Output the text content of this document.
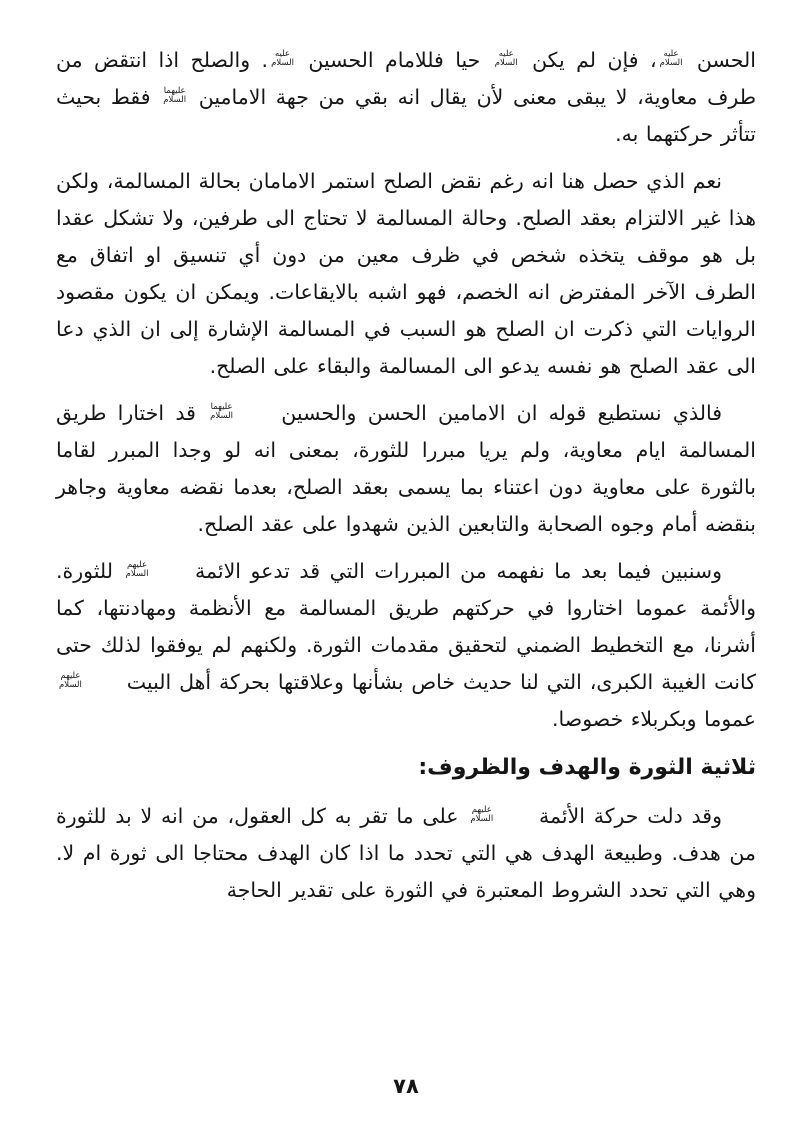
الحسن
عليه
السلام
، فإن لم يكن
عليه
السلام
حيا فللامام الحسين
عليه
السلام
. والصلح اذا انتقض من طرف معاوية، لا يبقى معنى لأن يقال انه بقي من جهة الامامين
عليهما
السلام
فقط بحيث تتأثر حركتهما به.

نعم الذي حصل هنا انه رغم نقض الصلح استمر الامامان بحالة المسالمة، ولكن هذا غير الالتزام بعقد الصلح. وحالة المسالمة لا تحتاج الى طرفين، ولا تشكل عقدا بل هو موقف يتخذه شخص في ظرف معين من دون أي تنسيق او اتفاق مع الطرف الآخر المفترض انه الخصم، فهو اشبه بالايقاعات. ويمكن ان يكون مقصود الروايات التي ذكرت ان الصلح هو السبب في المسالمة الإشارة إلى ان الذي دعا الى عقد الصلح هو نفسه يدعو الى المسالمة والبقاء على الصلح.

فالذي نستطيع قوله ان الامامين الحسن والحسين
عليهما
السلام
قد اختارا طريق المسالمة ايام معاوية، ولم يريا مبررا للثورة، بمعنى انه لو وجدا المبرر لقاما بالثورة على معاوية دون اعتناء بما يسمى بعقد الصلح، بعدما نقضه معاوية وجاهر بنقضه أمام وجوه الصحابة والتابعين الذين شهدوا على عقد الصلح.

وسنبين فيما بعد ما نفهمه من المبررات التي قد تدعو الائمة
عليهم
السلام
للثورة. والأئمة عموما اختاروا في حركتهم طريق المسالمة مع الأنظمة ومهادنتها، كما أشرنا، مع التخطيط الضمني لتحقيق مقدمات الثورة. ولكنهم لم يوفقوا لذلك حتى كانت الغيبة الكبرى، التي لنا حديث خاص بشأنها وعلاقتها بحركة أهل البيت
عليهم
السلام
عموما وبكربلاء خصوصا.

ثلاثية الثورة والهدف والظروف:

وقد دلت حركة الأئمة
عليهم
السلام
على ما تقر به كل العقول، من انه لا بد للثورة من هدف. وطبيعة الهدف هي التي تحدد ما اذا كان الهدف محتاجا الى ثورة ام لا. وهي التي تحدد الشروط المعتبرة في الثورة على تقدير الحاجة

٧٨
